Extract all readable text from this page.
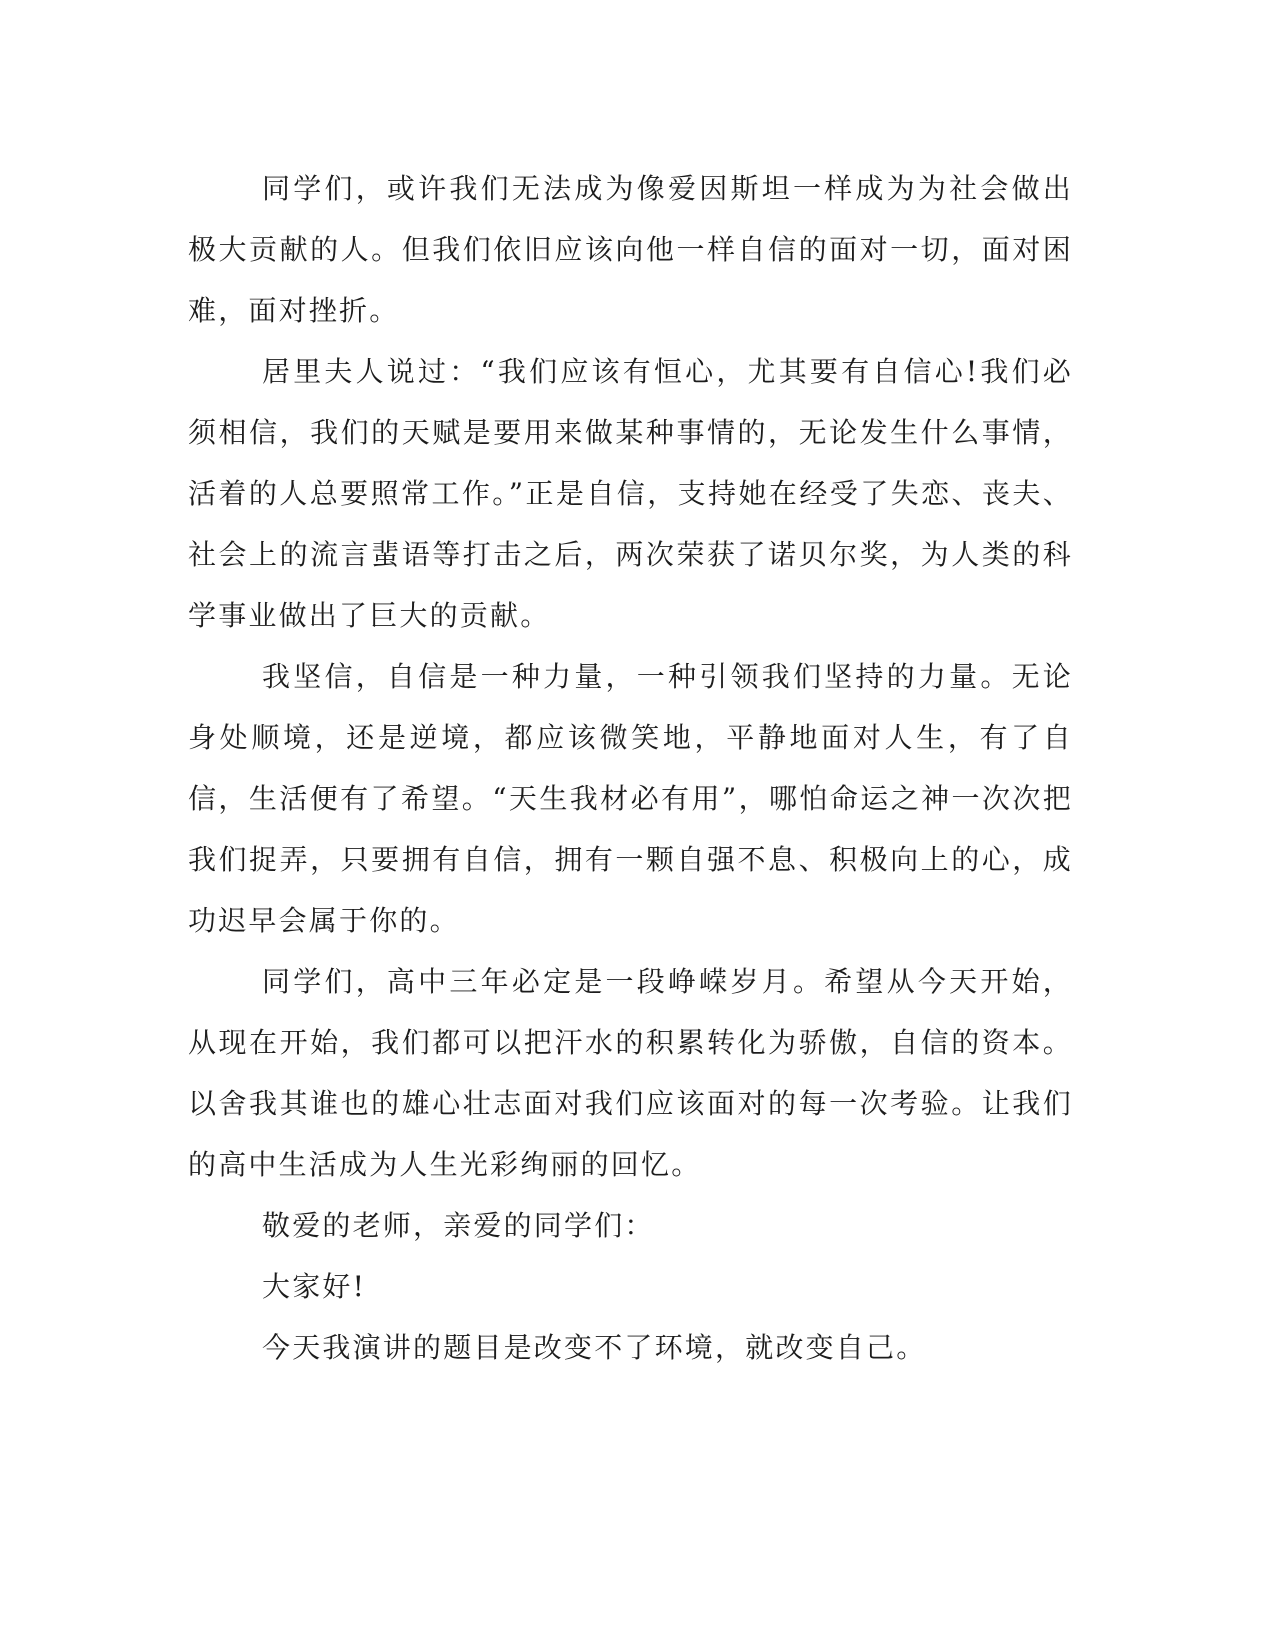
同学们，或许我们无法成为像爱因斯坦一样成为为社会做出极大贡献的人。但我们依旧应该向他一样自信的面对一切，面对困难，面对挫折。

居里夫人说过：“我们应该有恒心，尤其要有自信心!我们必须相信，我们的天赋是要用来做某种事情的，无论发生什么事情，活着的人总要照常工作。”正是自信，支持她在经受了失恋、丧夫、社会上的流言蜚语等打击之后，两次荣获了诺贝尔奖，为人类的科学事业做出了巨大的贡献。

我坚信，自信是一种力量，一种引领我们坚持的力量。无论身处顺境，还是逆境，都应该微笑地，平静地面对人生，有了自信，生活便有了希望。“天生我材必有用”，哪怕命运之神一次次把我们捉弄，只要拥有自信，拥有一颗自强不息、积极向上的心，成功迟早会属于你的。

同学们，高中三年必定是一段峥嵘岁月。希望从今天开始，从现在开始，我们都可以把汗水的积累转化为骄傲，自信的资本。以舍我其谁也的雄心壮志面对我们应该面对的每一次考验。让我们的高中生活成为人生光彩绚丽的回忆。

敬爱的老师，亲爱的同学们：

大家好!

今天我演讲的题目是改变不了环境，就改变自己。
